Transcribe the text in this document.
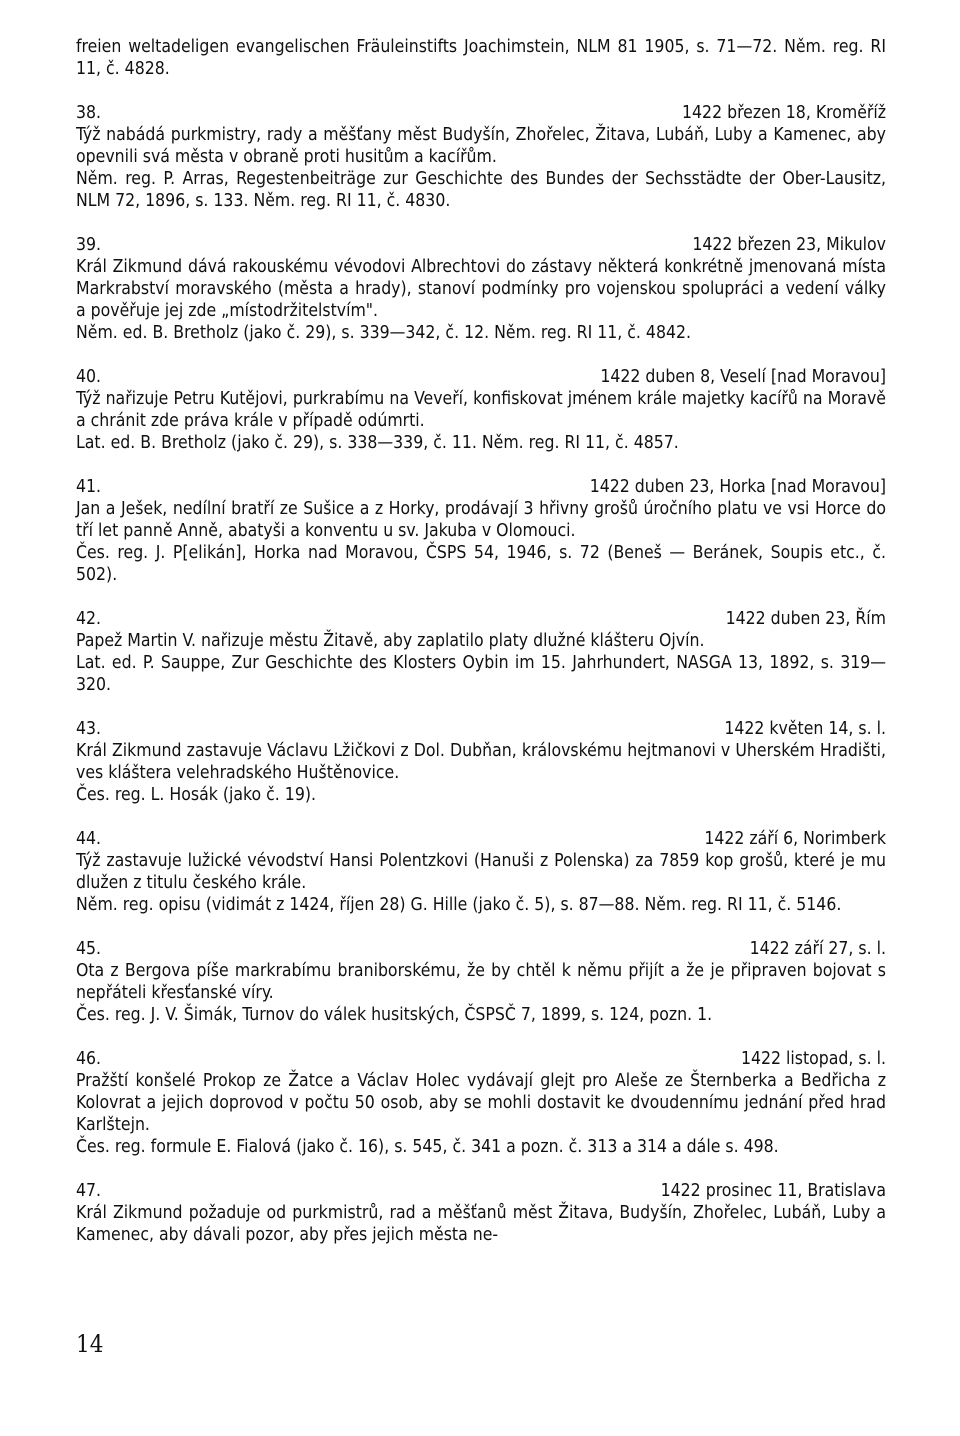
freien weltadeligen evangelischen Fräuleinstifts Joachimstein, NLM 81 1905, s. 71—72. Něm. reg. RI 11, č. 4828.

38.	1422 březen 18, Kroměříž

Týž nabádá purkmistry, rady a měšťany měst Budyšín, Zhořelec, Žitava, Lubáň, Luby a Kamenec, aby opevnili svá města v obraně proti husitům a kacířům.

Něm. reg. P. Arras, Regestenbeiträge zur Geschichte des Bundes der Sechsstädte der Ober-Lausitz, NLM 72, 1896, s. 133. Něm. reg. RI 11, č. 4830.

39.	1422 březen 23, Mikulov

Král Zikmund dává rakouskému vévodovi Albrechtovi do zástavy některá konkrétně jmenovaná místa Markrabství moravského (města a hrady), stanoví podmínky pro vojenskou spolupráci a vedení války a pověřuje jej zde „místodržitelstvím".

Něm. ed. B. Bretholz (jako č. 29), s. 339—342, č. 12. Něm. reg. RI 11, č. 4842.

40.	1422 duben 8, Veselí [nad Moravou]

Týž nařizuje Petru Kutějovi, purkrabímu na Veveří, konfiskovat jménem krále majetky kacířů na Moravě a chránit zde práva krále v případě odúmrti.

Lat. ed. B. Bretholz (jako č. 29), s. 338—339, č. 11. Něm. reg. RI 11, č. 4857.

41.	1422 duben 23, Horka [nad Moravou]

Jan a Ješek, nedílní bratří ze Sušice a z Horky, prodávají 3 hřivny grošů úročního platu ve vsi Horce do tří let panně Anně, abatyši a konventu u sv. Jakuba v Olomouci.

Čes. reg. J. P[elikán], Horka nad Moravou, ČSPS 54, 1946, s. 72 (Beneš — Beránek, Soupis etc., č. 502).

42.	1422 duben 23, Řím

Papež Martin V. nařizuje městu Žitavě, aby zaplatilo platy dlužné klášteru Ojvín.

Lat. ed. P. Sauppe, Zur Geschichte des Klosters Oybin im 15. Jahrhundert, NASGA 13, 1892, s. 319—320.

43.	1422 květen 14, s. l.

Král Zikmund zastavuje Václavu Lžičkovi z Dol. Dubňan, královskému hejtmanovi v Uherském Hradišti, ves kláštera velehradského Huštěnovice.

Čes. reg. L. Hosák (jako č. 19).

44.	1422 září 6, Norimberk

Týž zastavuje lužické vévodství Hansi Polentzkovi (Hanuši z Polenska) za 7859 kop grošů, které je mu dlužen z titulu českého krále.

Něm. reg. opisu (vidimát z 1424, říjen 28) G. Hille (jako č. 5), s. 87—88. Něm. reg. RI 11, č. 5146.

45.	1422 září 27, s. l.

Ota z Bergova píše markrabímu braniborskému, že by chtěl k němu přijít a že je připraven bojovat s nepřáteli křesťanské víry.

Čes. reg. J. V. Šimák, Turnov do válek husitských, ČSPSČ 7, 1899, s. 124, pozn. 1.

46.	1422 listopad, s. l.

Pražští konšelé Prokop ze Žatce a Václav Holec vydávají glejt pro Aleše ze Šternberka a Bedřicha z Kolovrat a jejich doprovod v počtu 50 osob, aby se mohli dostavit ke dvoudennímu jednání před hrad Karlštejn.

Čes. reg. formule E. Fialová (jako č. 16), s. 545, č. 341 a pozn. č. 313 a 314 a dále s. 498.

47.	1422 prosinec 11, Bratislava

Král Zikmund požaduje od purkmistrů, rad a měšťanů měst Žitava, Budyšín, Zhořelec, Lubáň, Luby a Kamenec, aby dávali pozor, aby přes jejich města ne-

14
